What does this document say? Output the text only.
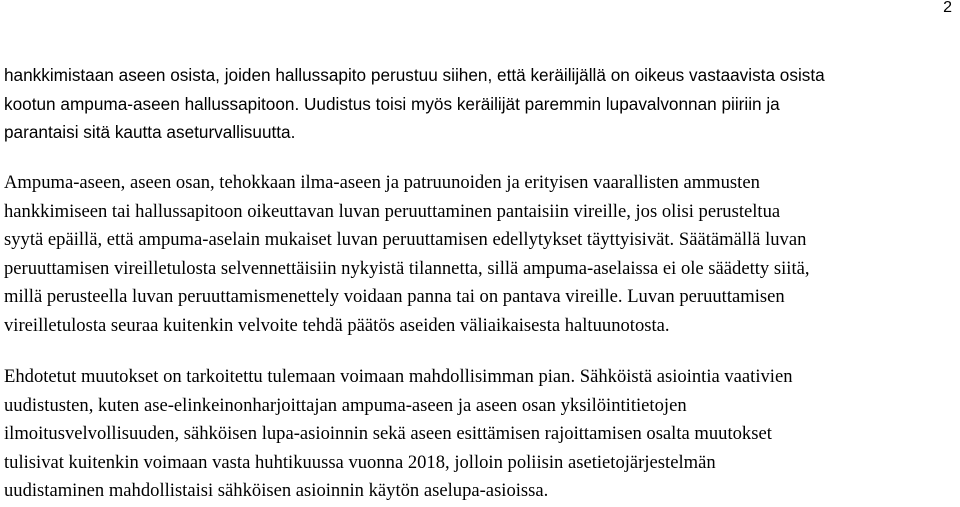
2

hankkimistaan aseen osista, joiden hallussapito perustuu siihen, että keräilijällä on oikeus vastaavista osista
kootun ampuma-aseen hallussapitoon. Uudistus toisi myös keräilijät paremmin lupavalvonnan piiriin ja
parantaisi sitä kautta aseturvallisuutta.

Ampuma-aseen, aseen osan, tehokkaan ilma-aseen ja patruunoiden ja erityisen vaarallisten ammusten
hankkimiseen tai hallussapitoon oikeuttavan luvan peruuttaminen pantaisiin vireille, jos olisi perusteltua
syytä epäillä, että ampuma-aselain mukaiset luvan peruuttamisen edellytykset täyttyisivät. Säätämällä luvan
peruuttamisen vireilletulosta selvennettäisiin nykyistä tilannetta, sillä ampuma-aselaissa ei ole säädetty siitä,
millä perusteella luvan peruuttamismenettely voidaan panna tai on pantava vireille. Luvan peruuttamisen
vireilletulosta seuraa kuitenkin velvoite tehdä päätös aseiden väliaikaisesta haltuunotosta.

Ehdotetut muutokset on tarkoitettu tulemaan voimaan mahdollisimman pian. Sähköistä asiointia vaativien
uudistusten, kuten ase-elinkeinonharjoittajan ampuma-aseen ja aseen osan yksilöintitietojen
ilmoitusvelvollisuuden, sähköisen lupa-asioinnin sekä aseen esittämisen rajoittamisen osalta muutokset
tulisivat kuitenkin voimaan vasta huhtikuussa vuonna 2018, jolloin poliisin asetietojärjestelmän
uudistaminen mahdollistaisi sähköisen asioinnin käytön aselupa-asioissa.
